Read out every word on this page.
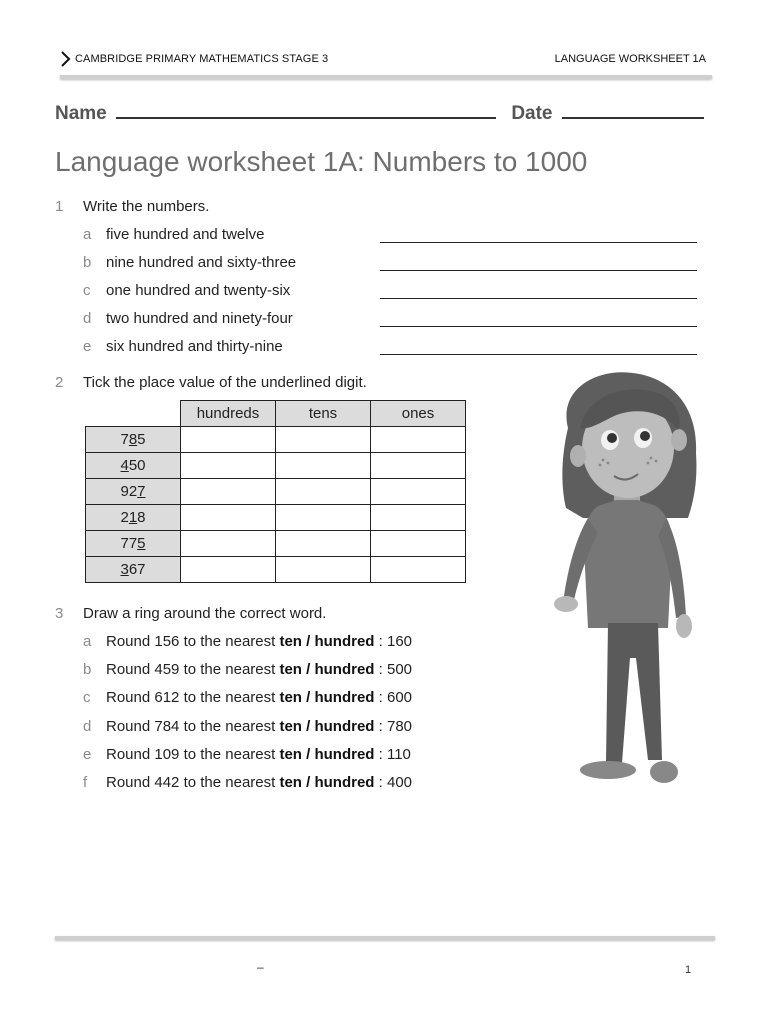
CAMBRIDGE PRIMARY MATHEMATICS STAGE 3	LANGUAGE WORKSHEET 1A
Name	Date
Language worksheet 1A: Numbers to 1000
1 Write the numbers.
a five hundred and twelve
b nine hundred and sixty-three
c one hundred and twenty-six
d two hundred and ninety-four
e six hundred and thirty-nine
2 Tick the place value of the underlined digit.
	hundreds	tens	ones
785			
450			
927			
218			
775			
367			
3 Draw a ring around the correct word.
a Round 156 to the nearest ten / hundred : 160
b Round 459 to the nearest ten / hundred : 500
c Round 612 to the nearest ten / hundred : 600
d Round 784 to the nearest ten / hundred : 780
e Round 109 to the nearest ten / hundred : 110
f Round 442 to the nearest ten / hundred : 400
–	1
